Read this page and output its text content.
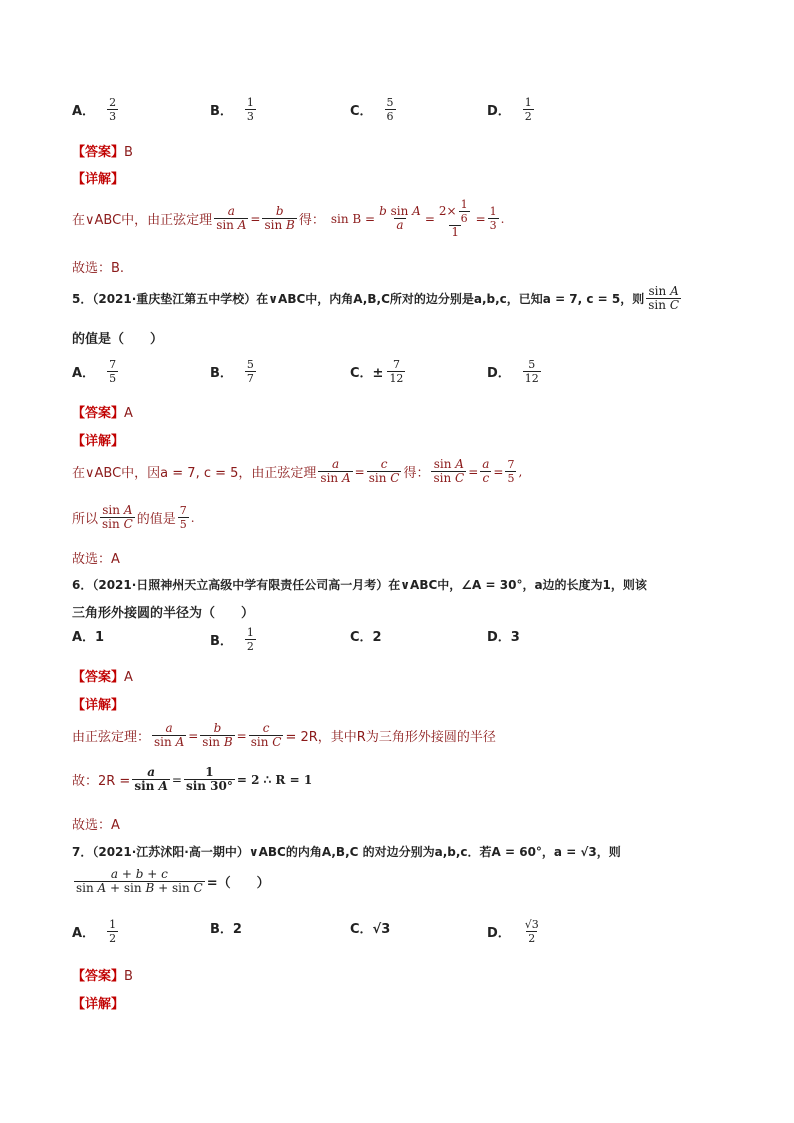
A． $\frac{2}{3}$	B． $\frac{1}{3}$	C． $\frac{5}{6}$	D． $\frac{1}{2}$
【答案】B
【详解】
在∨ABC中，由正弦定理 $\frac{a}{\text{sin A}} = \frac{b}{\text{sin B}}$ 得： $\sin B = \frac{\text{b sin A}}{a} = \frac{2\times \frac{1}{6}}{1} = \frac{1}{3}$ .
故选：B.
5．（2021·重庆垫江第五中学校）在∨ABC中，内角A,B,C所对的边分别是a,b,c，已知a = 7, c = 5，则 $\frac{\text{sin A}}{\text{sin C}}$
的值是（　　）
A． $\frac{7}{5}$	B． $\frac{5}{7}$	C．± $\frac{7}{12}$	D． $\frac{5}{12}$
【答案】A
【详解】
在∨ABC中，因a = 7, c = 5，由正弦定理 $\frac{a}{\text{sin A}} = \frac{c}{\text{sin C}}$ 得： $\frac{\text{sin A}}{\text{sin C}} = \frac{a}{c} = \frac{7}{5}$ ,
所以 $\frac{\text{sin A}}{\text{sin C}}$ 的值是 $\frac{7}{5}$ .
故选：A
6．（2021·日照神州天立高级中学有限责任公司高一月考）在∨ABC中，∠A = 30°，a边的长度为1，则该
三角形外接圆的半径为（　　）
A．1	B． $\frac{1}{2}$	C．2	D．3
【答案】A
【详解】
由正弦定理： $\frac{a}{\text{sin A}} = \frac{b}{\text{sin B}} = \frac{c}{\text{sin C}} = 2R$，其中R为三角形外接圆的半径
故：$2R = \frac{a}{\text{sin A}} = \frac{1}{\sin 30^\circ} = 2$ ∴ R = 1
故选：A
7．（2021·江苏沭阳·高一期中）∨ABC的内角A,B,C 的对边分别为a,b,c．若A = 60°，a = √3，则
$\frac{a + b + c}{\text{sin A + sin B + sin C}}$ =（　　）
A． $\frac{1}{2}$	B．2	C．√3	D． $\frac{√3}{2}$
【答案】B
【详解】
